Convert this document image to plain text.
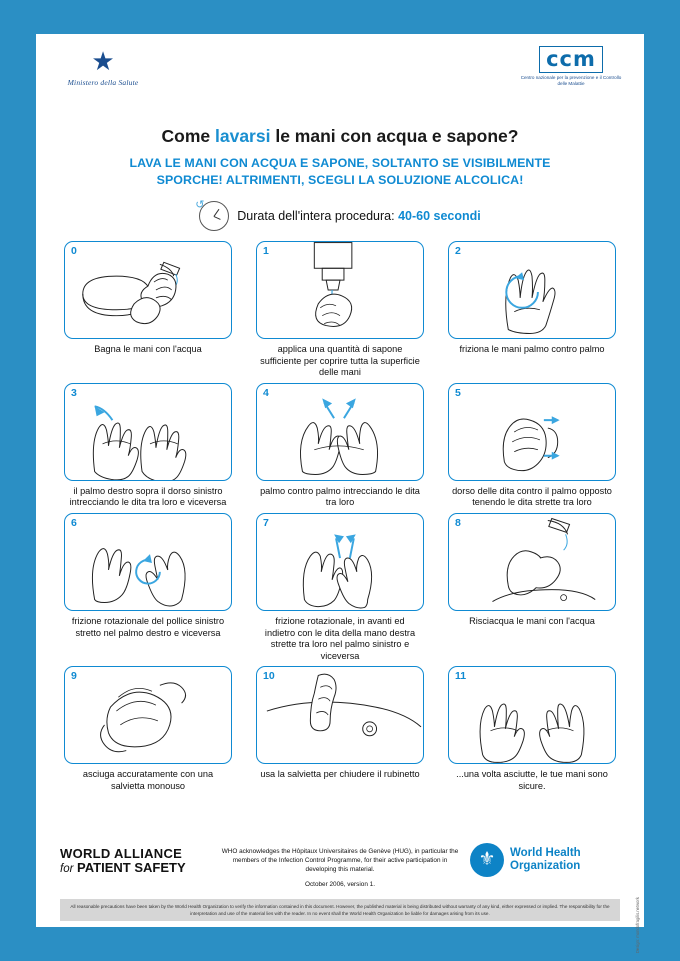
★
Ministero della Salute
ccm
Centro nazionale per la prevenzione e il Controllo delle Malattie
Come lavarsi le mani con acqua e sapone?
LAVA LE MANI CON ACQUA E SAPONE, SOLTANTO SE VISIBILMENTE
SPORCHE! ALTRIMENTI, SCEGLI LA SOLUZIONE ALCOLICA!
↺
Durata dell'intera procedura: 40-60 secondi
0
Bagna le mani con l'acqua
1
applica una quantità di sapone sufficiente per coprire tutta la superficie delle mani
2
friziona le mani palmo contro palmo
3
il palmo destro sopra il dorso sinistro intrecciando le dita tra loro e viceversa
4
palmo contro palmo intrecciando le dita tra loro
5
dorso delle dita contro il palmo opposto tenendo le dita strette tra loro
6
frizione rotazionale del pollice sinistro stretto nel palmo destro e viceversa
7
frizione rotazionale, in avanti ed indietro con le dita della mano destra strette tra loro nel palmo sinistro e viceversa
8
Risciacqua le mani con l'acqua
9
asciuga accuratamente con una salvietta monouso
10
usa la salvietta per chiudere il rubinetto
11
...una volta asciutte, le tue mani sono sicure.
WORLD ALLIANCE
for PATIENT SAFETY
WHO acknowledges the Hôpitaux Universitaires de Genève (HUG), in particular the members of the Infection Control Programme, for their active participation in developing this material.
October 2006, version 1.
⚜	World Health
Organization
Design: mondofragilis.network
All reasonable precautions have been taken by the World Health Organization to verify the information contained in this document. However, the published material is being distributed without warranty of any kind, either expressed or implied. The responsibility for the interpretation and use of the material lies with the reader. In no event shall the World Health Organization be liable for damages arising from its use.
